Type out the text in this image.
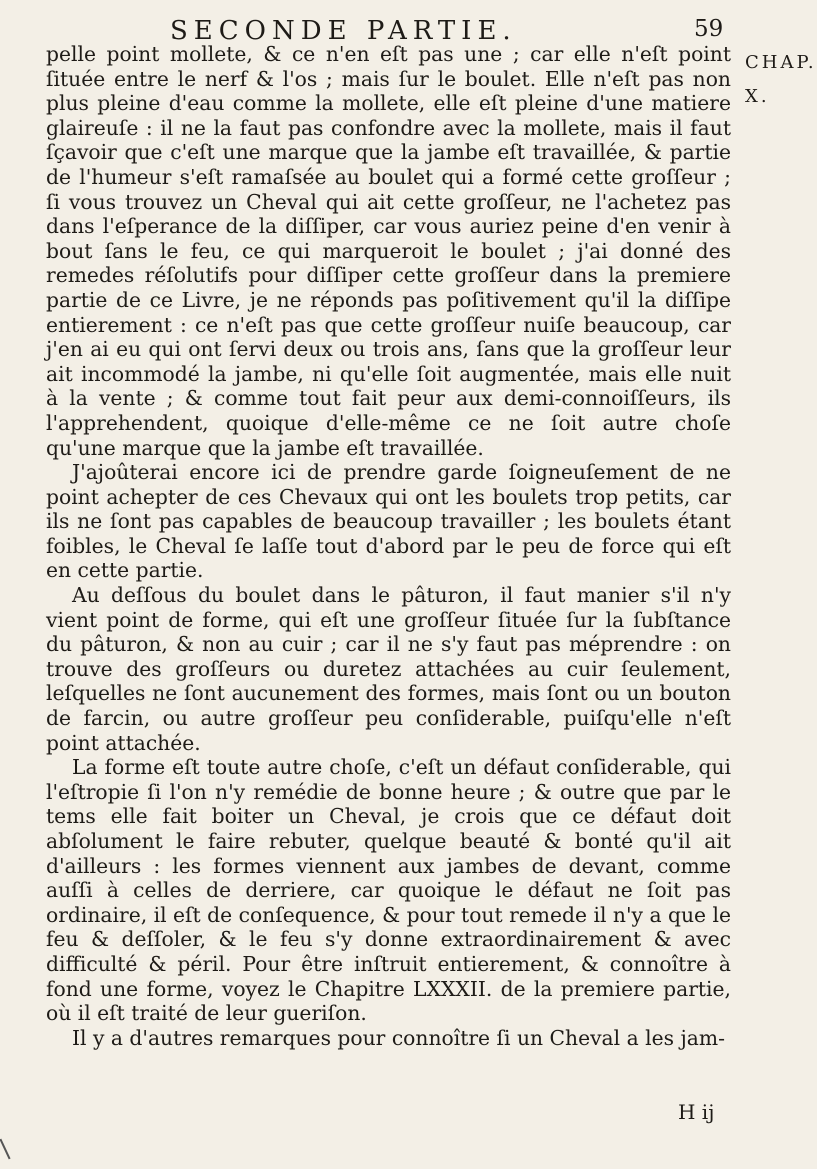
SECONDE PARTIE.	59
CHAP.
X.

pelle point mollete, & ce n'en eſt pas une ; car elle n'eſt point ſituée entre le nerf & l'os ; mais ſur le boulet. Elle n'eſt pas non plus pleine d'eau comme la mollete, elle eſt pleine d'une matiere glaireuſe : il ne la faut pas confondre avec la mollete, mais il faut ſçavoir que c'eſt une marque que la jambe eſt travaillée, & partie de l'humeur s'eſt ramaſsée au boulet qui a formé cette groſſeur ; ſi vous trouvez un Cheval qui ait cette groſſeur, ne l'achetez pas dans l'eſperance de la diſſiper, car vous auriez peine d'en venir à bout ſans le feu, ce qui marqueroit le boulet ; j'ai donné des remedes réſolutifs pour diſſiper cette groſſeur dans la premiere partie de ce Livre, je ne réponds pas poſitivement qu'il la diſſipe entierement : ce n'eſt pas que cette groſſeur nuiſe beaucoup, car j'en ai eu qui ont ſervi deux ou trois ans, ſans que la groſſeur leur ait incommodé la jambe, ni qu'elle ſoit augmentée, mais elle nuit à la vente ; & comme tout fait peur aux demi-connoiſſeurs, ils l'apprehendent, quoique d'elle-même ce ne ſoit autre choſe qu'une marque que la jambe eſt travaillée.

J'ajoûterai encore ici de prendre garde ſoigneuſement de ne point achepter de ces Chevaux qui ont les boulets trop petits, car ils ne ſont pas capables de beaucoup travailler ; les boulets étant foibles, le Cheval ſe laſſe tout d'abord par le peu de force qui eſt en cette partie.

Au deſſous du boulet dans le pâturon, il faut manier s'il n'y vient point de forme, qui eſt une groſſeur ſituée ſur la ſubſtance du pâturon, & non au cuir ; car il ne s'y faut pas méprendre : on trouve des groſſeurs ou duretez attachées au cuir ſeulement, leſquelles ne ſont aucunement des formes, mais ſont ou un bouton de farcin, ou autre groſſeur peu conſiderable, puiſqu'elle n'eſt point attachée.

La forme eſt toute autre choſe, c'eſt un défaut conſiderable, qui l'eſtropie ſi l'on n'y remédie de bonne heure ; & outre que par le tems elle fait boiter un Cheval, je crois que ce défaut doit abſolument le faire rebuter, quelque beauté & bonté qu'il ait d'ailleurs : les formes viennent aux jambes de devant, comme auſſi à celles de derriere, car quoique le défaut ne ſoit pas ordinaire, il eſt de conſequence, & pour tout remede il n'y a que le feu & deſſoler, & le feu s'y donne extraordinairement & avec difficulté & péril. Pour être inſtruit entierement, & connoître à fond une forme, voyez le Chapitre LXXXII. de la premiere partie, où il eſt traité de leur gueriſon.

Il y a d'autres remarques pour connoître ſi un Cheval a les jam-

H ij
